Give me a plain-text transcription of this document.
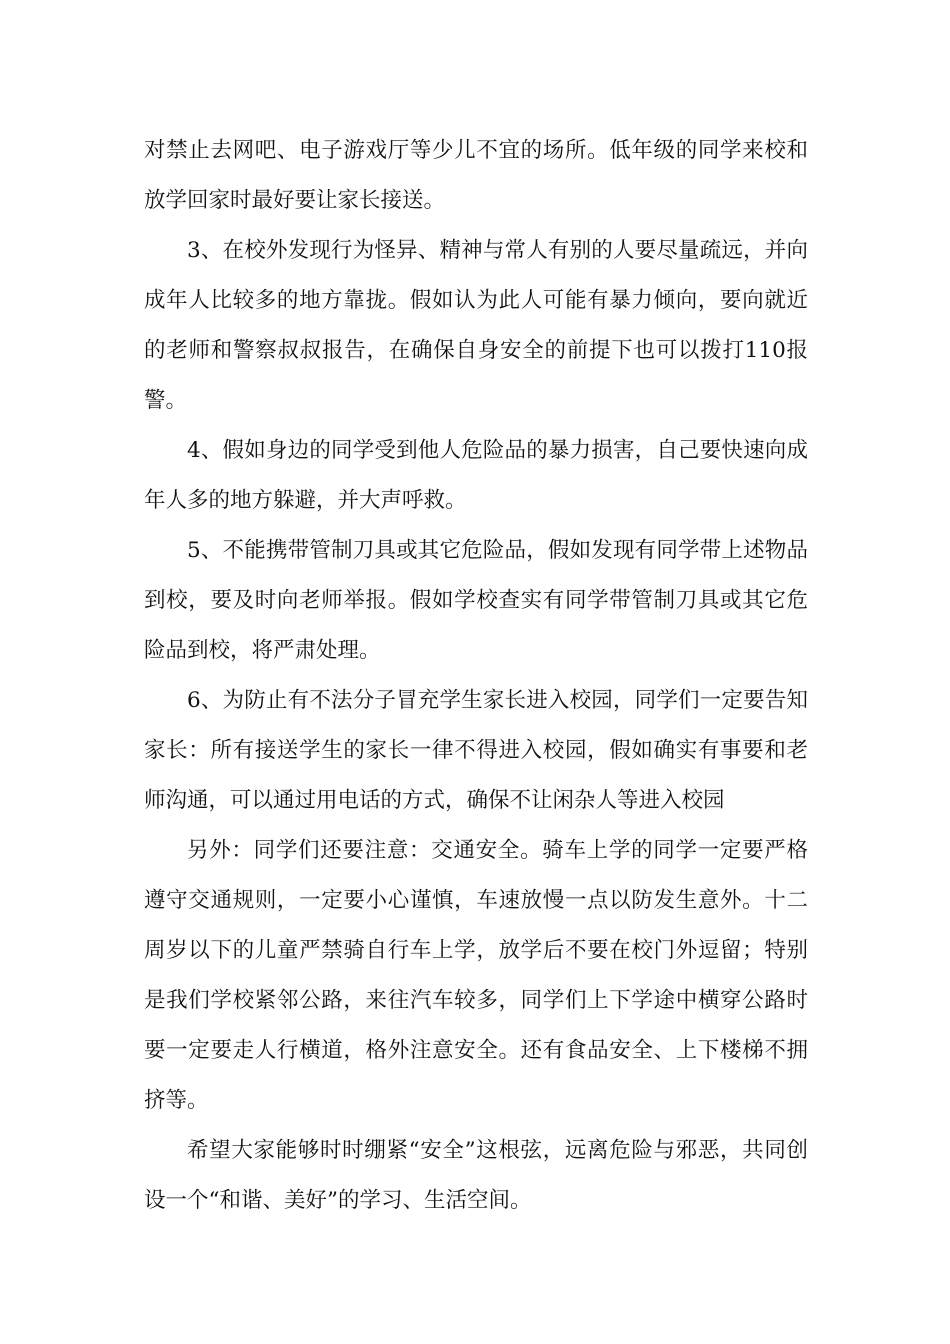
对禁止去网吧、电子游戏厅等少儿不宜的场所。低年级的同学来校和放学回家时最好要让家长接送。

3、在校外发现行为怪异、精神与常人有别的人要尽量疏远，并向成年人比较多的地方靠拢。假如认为此人可能有暴力倾向，要向就近的老师和警察叔叔报告，在确保自身安全的前提下也可以拨打110报警。

4、假如身边的同学受到他人危险品的暴力损害，自己要快速向成年人多的地方躲避，并大声呼救。

5、不能携带管制刀具或其它危险品，假如发现有同学带上述物品到校，要及时向老师举报。假如学校查实有同学带管制刀具或其它危险品到校，将严肃处理。

6、为防止有不法分子冒充学生家长进入校园，同学们一定要告知家长：所有接送学生的家长一律不得进入校园，假如确实有事要和老师沟通，可以通过用电话的方式，确保不让闲杂人等进入校园

另外：同学们还要注意：交通安全。骑车上学的同学一定要严格遵守交通规则，一定要小心谨慎，车速放慢一点以防发生意外。十二周岁以下的儿童严禁骑自行车上学，放学后不要在校门外逗留；特别是我们学校紧邻公路，来往汽车较多，同学们上下学途中横穿公路时要一定要走人行横道，格外注意安全。还有食品安全、上下楼梯不拥挤等。

希望大家能够时时绷紧“安全”这根弦，远离危险与邪恶，共同创设一个“和谐、美好”的学习、生活空间。
